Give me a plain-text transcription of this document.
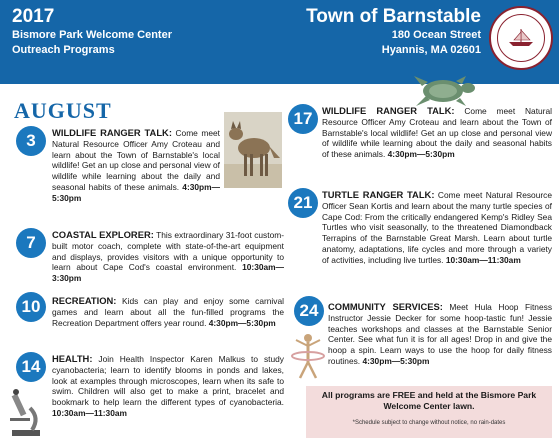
2017
Bismore Park Welcome Center
Outreach Programs
Town of Barnstable
180 Ocean Street
Hyannis, MA 02601
AUGUST
3	WILDLIFE RANGER TALK: Come meet Natural Resource Officer Amy Croteau and learn about the Town of Barnstable's local wildlife! Get an up close and personal view of wildlife while learning about the daily and seasonal habits of these animals. 4:30pm—5:30pm
7	COASTAL EXPLORER: This extraordinary 31-foot custom-built motor coach, complete with state-of-the-art equipment and displays, provides visitors with a unique opportunity to learn about Cape Cod's coastal environment. 10:30am—3:30pm
10	RECREATION: Kids can play and enjoy some carnival games and learn about all the fun-filled programs the Recreation Department offers year round. 4:30pm—5:30pm
14	HEALTH: Join Health Inspector Karen Malkus to study cyanobacteria; learn to identify blooms in ponds and lakes, look at examples through microscopes, learn when its safe to swim. Children will also get to make a print, bracelet and bookmark to help learn the different types of cyanobacteria. 10:30am—11:30am
17	WILDLIFE RANGER TALK: Come meet Natural Resource Officer Amy Croteau and learn about the Town of Barnstable's local wildlife! Get an up close and personal view of wildlife while learning about the daily and seasonal habits of these animals. 4:30pm—5:30pm
21	TURTLE RANGER TALK: Come meet Natural Resource Officer Sean Kortis and learn about the many turtle species of Cape Cod: From the critically endangered Kemp's Ridley Sea Turtles who visit seasonally, to the threatened Diamondback Terrapins of the Barnstable Great Marsh. Learn about turtle anatomy, adaptations, life cycles and more through a variety of activities, including live turtles. 10:30am—11:30am
24	COMMUNITY SERVICES: Meet Hula Hoop Fitness Instructor Jessie Decker for some hoop‑tastic fun! Jessie teaches workshops and classes at the Barnstable Senior Center. See what fun it is for all ages! Drop in and give the hoop a spin. Learn ways to use the hoop for daily fitness routines. 4:30pm—5:30pm
All programs are FREE and held at the Bismore Park Welcome Center lawn.
*Schedule subject to change without notice, no rain-dates
